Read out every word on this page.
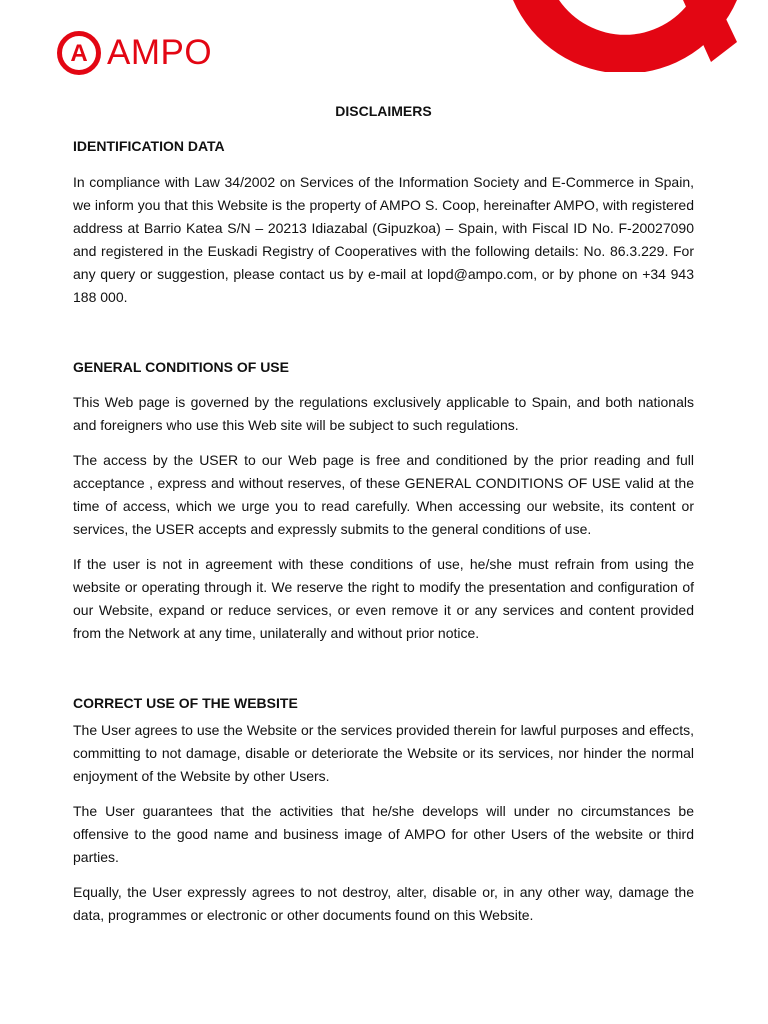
A AMPO
DISCLAIMERS
IDENTIFICATION DATA

In compliance with Law 34/2002 on Services of the Information Society and E-Commerce in Spain, we inform you that this Website is the property of AMPO S. Coop, hereinafter AMPO, with registered address at Barrio Katea S/N – 20213 Idiazabal (Gipuzkoa) – Spain, with Fiscal ID No. F-20027090 and registered in the Euskadi Registry of Cooperatives with the following details: No. 86.3.229. For any query or suggestion, please contact us by e-mail at lopd@ampo.com, or by phone on +34 943 188 000.

GENERAL CONDITIONS OF USE

This Web page is governed by the regulations exclusively applicable to Spain, and both nationals and foreigners who use this Web site will be subject to such regulations.

The access by the USER to our Web page is free and conditioned by the prior reading and full acceptance , express and without reserves, of these GENERAL CONDITIONS OF USE valid at the time of access, which we urge you to read carefully. When accessing our website, its content or services, the USER accepts and expressly submits to the general conditions of use.

If the user is not in agreement with these conditions of use, he/she must refrain from using the website or operating through it. We reserve the right to modify the presentation and configuration of our Website, expand or reduce services, or even remove it or any services and content provided from the Network at any time, unilaterally and without prior notice.

CORRECT USE OF THE WEBSITE

The User agrees to use the Website or the services provided therein for lawful purposes and effects, committing to not damage, disable or deteriorate the Website or its services, nor hinder the normal enjoyment of the Website by other Users.

The User guarantees that the activities that he/she develops will under no circumstances be offensive to the good name and business image of AMPO for other Users of the website or third parties.

Equally, the User expressly agrees to not destroy, alter, disable or, in any other way, damage the data, programmes or electronic or other documents found on this Website.
